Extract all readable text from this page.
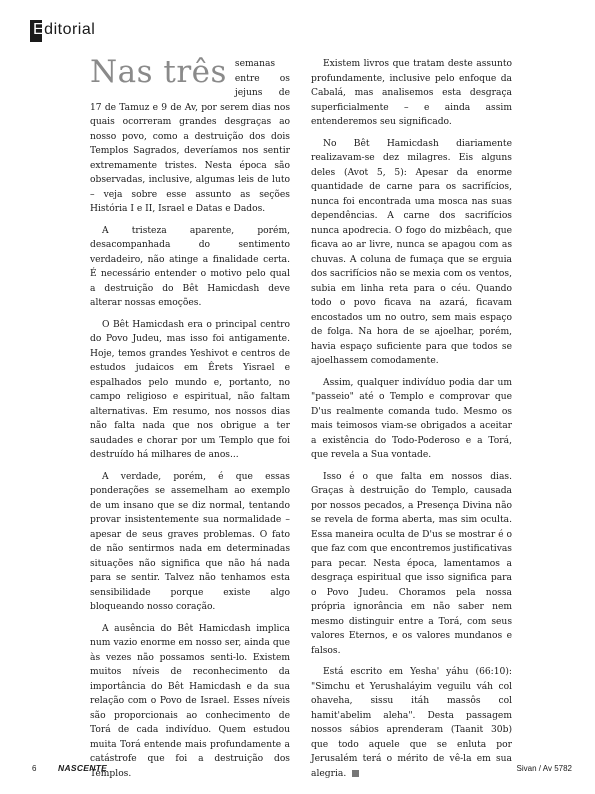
Editorial

Nas três semanas entre os jejuns de 17 de Tamuz e 9 de Av, por serem dias nos quais ocorreram grandes desgraças ao nosso povo, como a destruição dos dois Templos Sagrados, deveríamos nos sentir extremamente tristes. Nesta época são observadas, inclusive, algumas leis de luto – veja sobre esse assunto as seções História I e II, Israel e Datas e Dados.

A tristeza aparente, porém, desacompanhada do sentimento verdadeiro, não atinge a finalidade certa. É necessário entender o motivo pelo qual a destruição do Bêt Hamicdash deve alterar nossas emoções.

O Bêt Hamicdash era o principal centro do Povo Judeu, mas isso foi antigamente. Hoje, temos grandes Yeshivot e centros de estudos judaicos em Êrets Yisrael e espalhados pelo mundo e, portanto, no campo religioso e espiritual, não faltam alternativas. Em resumo, nos nossos dias não falta nada que nos obrigue a ter saudades e chorar por um Templo que foi destruído há milhares de anos...

A verdade, porém, é que essas ponderações se assemelham ao exemplo de um insano que se diz normal, tentando provar insistentemente sua normalidade – apesar de seus graves problemas. O fato de não sentirmos nada em determinadas situações não significa que não há nada para se sentir. Talvez não tenhamos esta sensibilidade porque existe algo bloqueando nosso coração.

A ausência do Bêt Hamicdash implica num vazio enorme em nosso ser, ainda que às vezes não possamos senti-lo. Existem muitos níveis de reconhecimento da importância do Bêt Hamicdash e da sua relação com o Povo de Israel. Esses níveis são proporcionais ao conhecimento de Torá de cada indivíduo. Quem estudou muita Torá entende mais profundamente a catástrofe que foi a destruição dos Templos.

Existem livros que tratam deste assunto profundamente, inclusive pelo enfoque da Cabalá, mas analisemos esta desgraça superficialmente – e ainda assim entenderemos seu significado.

No Bêt Hamicdash diariamente realizavam-se dez milagres. Eis alguns deles (Avot 5, 5): Apesar da enorme quantidade de carne para os sacrifícios, nunca foi encontrada uma mosca nas suas dependências. A carne dos sacrifícios nunca apodrecia. O fogo do mizbêach, que ficava ao ar livre, nunca se apagou com as chuvas. A coluna de fumaça que se erguia dos sacrifícios não se mexia com os ventos, subia em linha reta para o céu. Quando todo o povo ficava na azará, ficavam encostados um no outro, sem mais espaço de folga. Na hora de se ajoelhar, porém, havia espaço suficiente para que todos se ajoelhassem comodamente.

Assim, qualquer indivíduo podia dar um "passeio" até o Templo e comprovar que D'us realmente comanda tudo. Mesmo os mais teimosos viam-se obrigados a aceitar a existência do Todo-Poderoso e a Torá, que revela a Sua vontade.

Isso é o que falta em nossos dias. Graças à destruição do Templo, causada por nossos pecados, a Presença Divina não se revela de forma aberta, mas sim oculta. Essa maneira oculta de D'us se mostrar é o que faz com que encontremos justificativas para pecar. Nesta época, lamentamos a desgraça espiritual que isso significa para o Povo Judeu. Choramos pela nossa própria ignorância em não saber nem mesmo distinguir entre a Torá, com seus valores Eternos, e os valores mundanos e falsos.

Está escrito em Yesha' yáhu (66:10): "Simchu et Yerushaláyim veguilu váh col ohaveha, sissu itáh massôs col hamit'abelim aleha". Desta passagem nossos sábios aprenderam (Taanit 30b) que todo aquele que se enluta por Jerusalém terá o mérito de vê-la em sua alegria.

6	NASCENTE	Sivan / Av 5782
